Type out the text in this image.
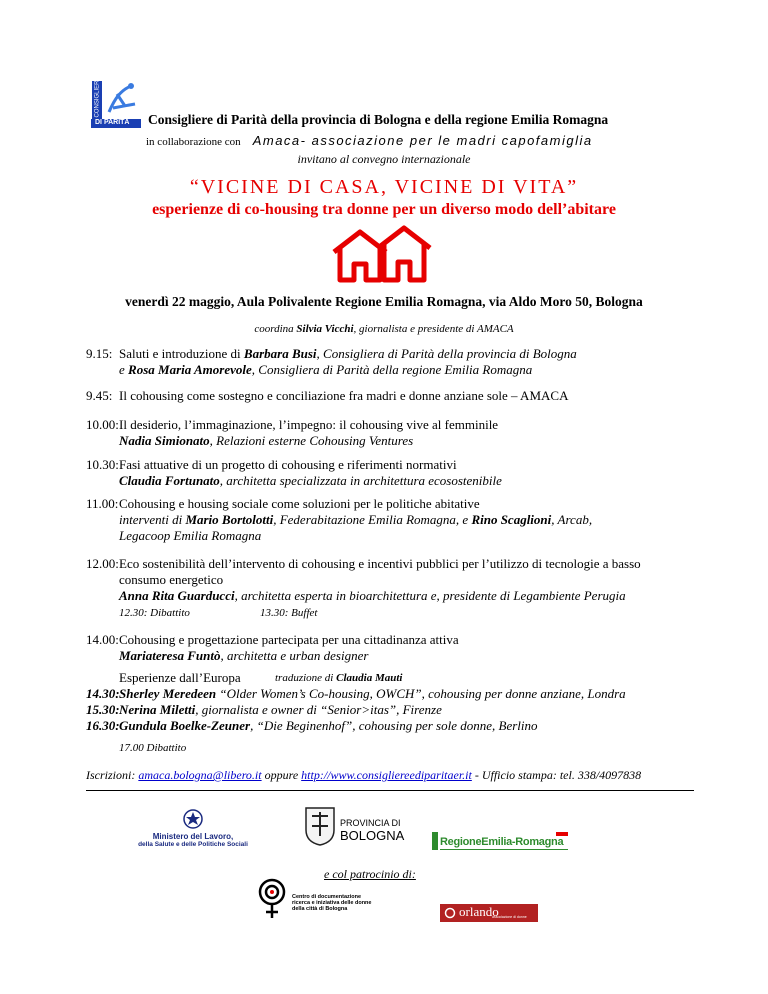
DI PARITÀ
CONSIGLIERE
Consigliere di Parità della provincia di Bologna e della regione Emilia Romagna
in collaborazione con Amaca- associazione per le madri capofamiglia
invitano al convegno internazionale
“VICINE DI CASA, VICINE DI VITA”
esperienze di co-housing tra donne per un diverso modo dell’abitare
venerdì 22 maggio, Aula Polivalente Regione Emilia Romagna, via Aldo Moro 50, Bologna
coordina Silvia Vicchi, giornalista e presidente di AMACA
9.15: Saluti e introduzione di Barbara Busi, Consigliera di Parità della provincia di Bologna
e Rosa Maria Amorevole, Consigliera di Parità della regione Emilia Romagna
9.45: Il cohousing come sostegno e conciliazione fra madri e donne anziane sole – AMACA
10.00: Il desiderio, l’immaginazione, l’impegno: il cohousing vive al femminile
Nadia Simionato, Relazioni esterne Cohousing Ventures
10.30: Fasi attuative di un progetto di cohousing e riferimenti normativi
Claudia Fortunato, architetta specializzata in architettura ecosostenibile
11.00: Cohousing e housing sociale come soluzioni per le politiche abitative
interventi di Mario Bortolotti, Federabitazione Emilia Romagna, e Rino Scaglioni, Arcab,
Legacoop Emilia Romagna
12.00: Eco sostenibilità dell’intervento di cohousing e incentivi pubblici per l’utilizzo di tecnologie a basso
consumo energetico
Anna Rita Guarducci, architetta esperta in bioarchitettura e, presidente di Legambiente Perugia
12.30: Dibattito	13.30: Buffet
14.00: Cohousing e progettazione partecipata per una cittadinanza attiva
Mariateresa Funtò, architetta e urban designer
Esperienze dall’Europa	traduzione di Claudia Mauti
14.30: Sherley Meredeen “Older Women’s Co-housing, OWCH”, cohousing per donne anziane, Londra
15.30: Nerina Miletti, giornalista e owner di “Senior>itas”, Firenze
16.30: Gundula Boelke-Zeuner, “Die Beginenhof”, cohousing per sole donne, Berlino
17.00 Dibattito
Iscrizioni: amaca.bologna@libero.it oppure http://www.consigliereediparitaer.it - Ufficio stampa: tel. 338/4097838
Ministero del Lavoro,
della Salute e delle Politiche Sociali
PROVINCIA DI
BOLOGNA	RegioneEmilia-Romagna
e col patrocinio di:
Centro di documentazione ricerca e iniziativa delle donne della città di Bologna	orlando
associazione di donne
